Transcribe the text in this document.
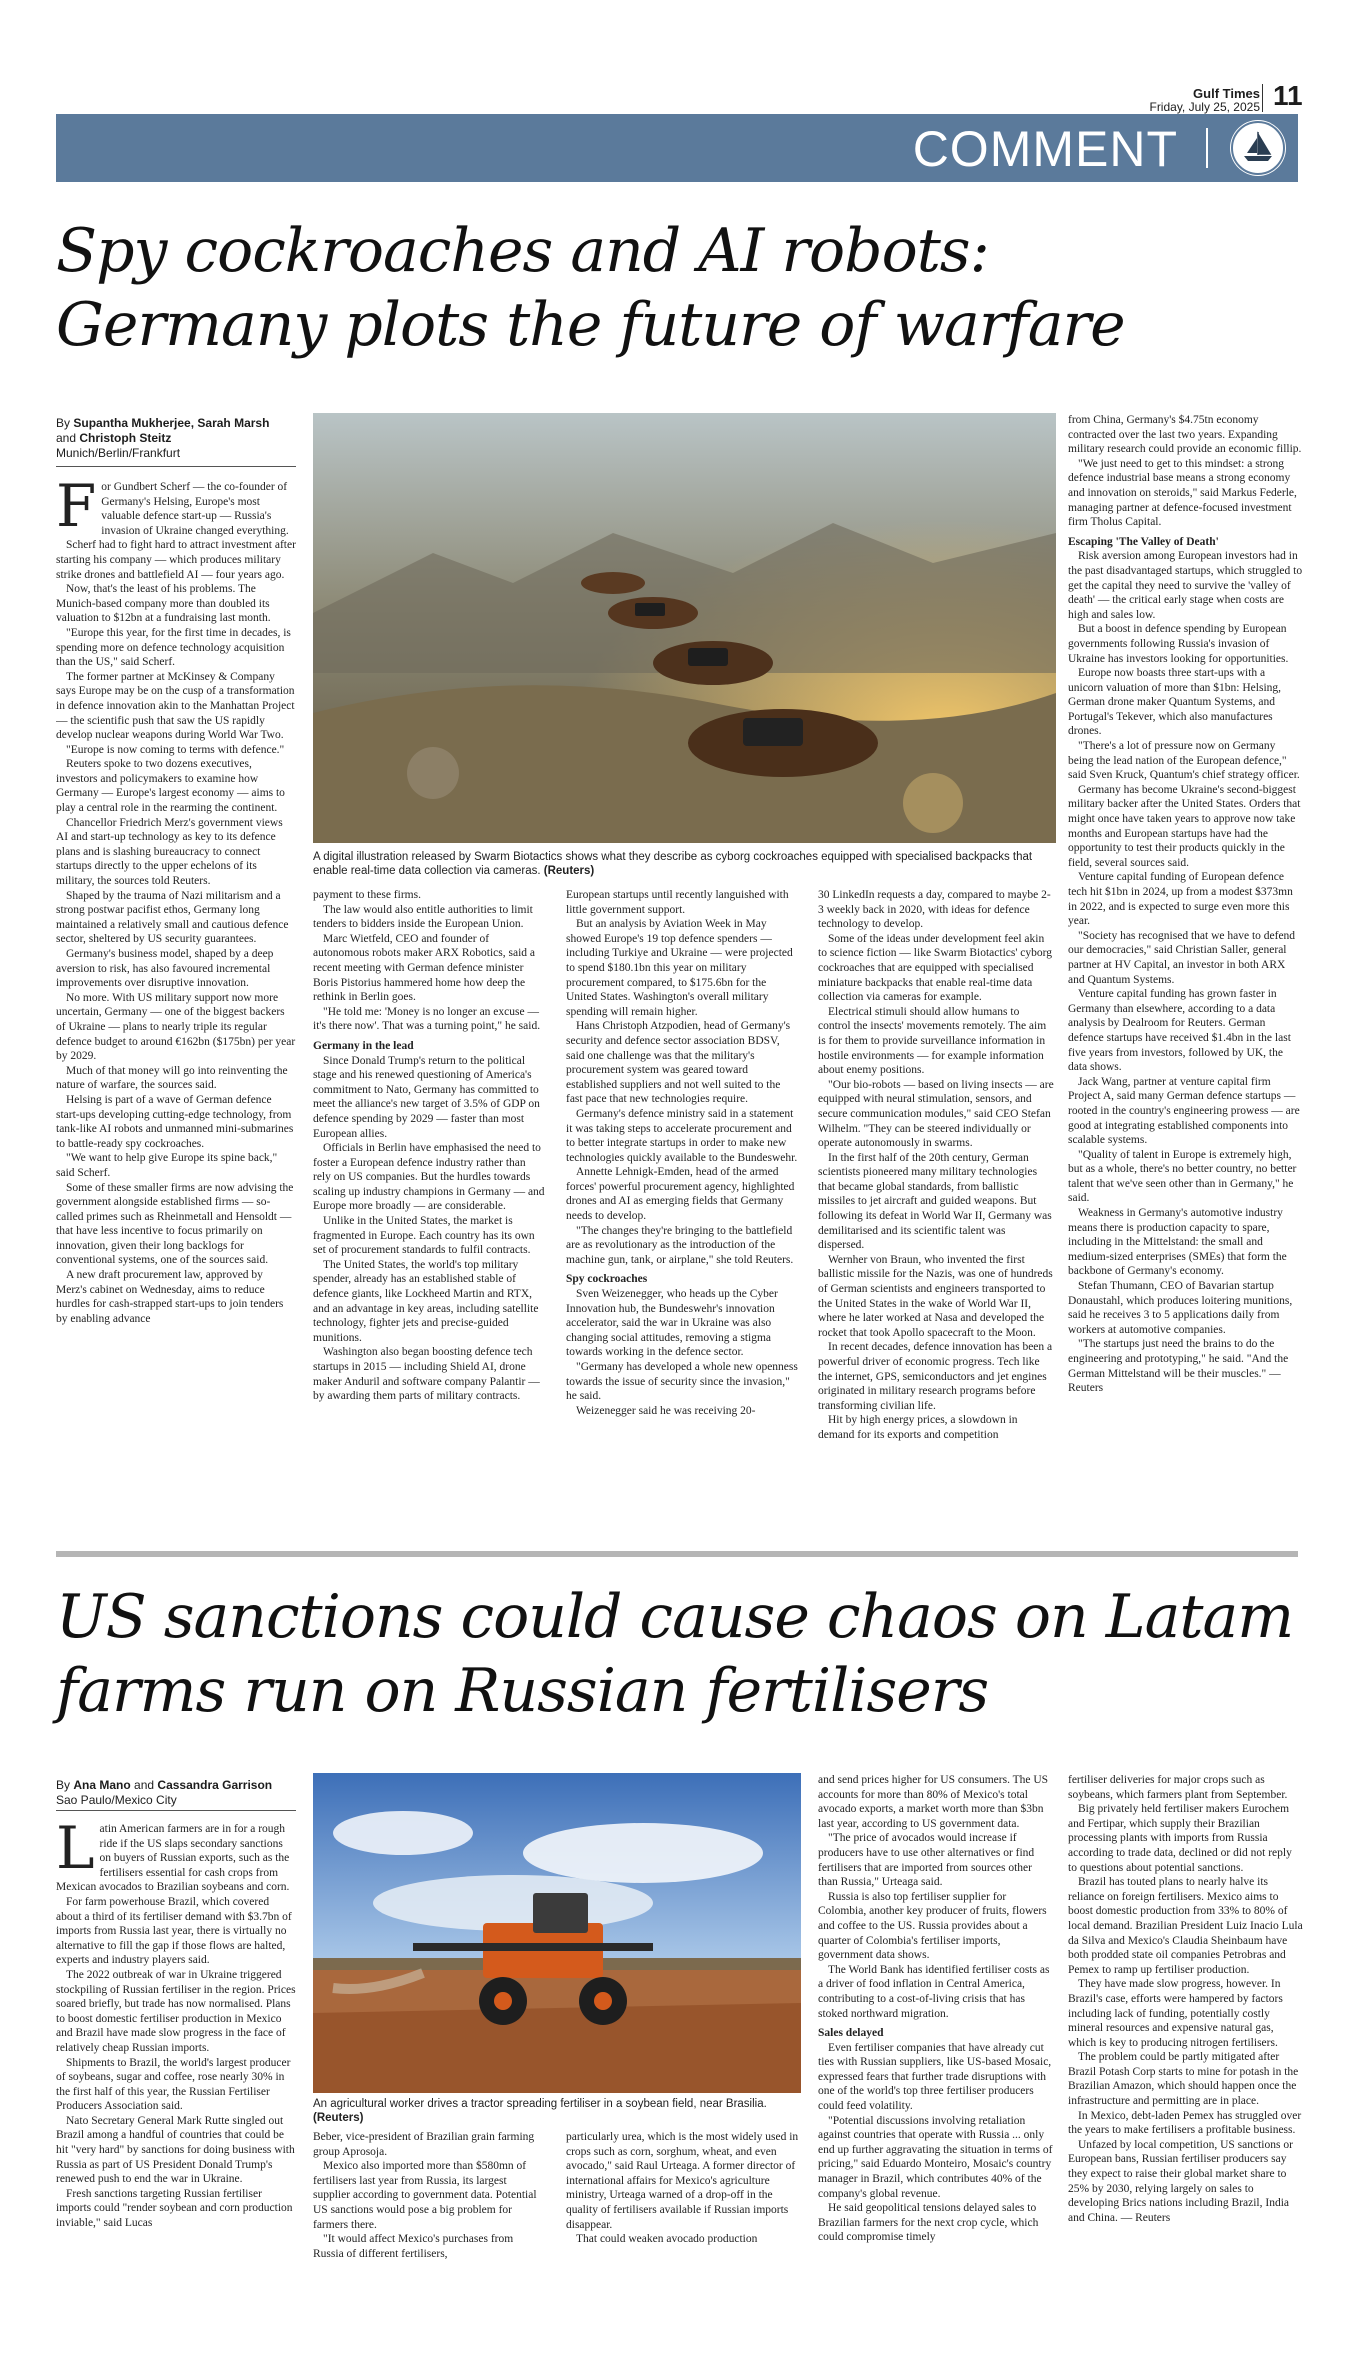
Gulf Times
Friday, July 25, 2025 11
COMMENT
Spy cockroaches and AI robots:
Germany plots the future of warfare
By Supantha Mukherjee, Sarah Marsh
and Christoph Steitz
Munich/Berlin/Frankfurt
A digital illustration released by Swarm Biotactics shows what they describe as cyborg cockroaches equipped with specialised backpacks that enable real-time data collection via cameras. (Reuters)
F or Gundbert Scherf — the co-founder of Germany's Helsing, Europe's most valuable defence start-up — Russia's invasion of Ukraine changed everything.

Scherf had to fight hard to attract investment after starting his company — which produces military strike drones and battlefield AI — four years ago.

Now, that's the least of his problems. The Munich-based company more than doubled its valuation to $12bn at a fundraising last month.

"Europe this year, for the first time in decades, is spending more on defence technology acquisition than the US," said Scherf.

The former partner at McKinsey & Company says Europe may be on the cusp of a transformation in defence innovation akin to the Manhattan Project — the scientific push that saw the US rapidly develop nuclear weapons during World War Two.

"Europe is now coming to terms with defence."

Reuters spoke to two dozens executives, investors and policymakers to examine how Germany — Europe's largest economy — aims to play a central role in the rearming the continent.

Chancellor Friedrich Merz's government views AI and start-up technology as key to its defence plans and is slashing bureaucracy to connect startups directly to the upper echelons of its military, the sources told Reuters.

Shaped by the trauma of Nazi militarism and a strong postwar pacifist ethos, Germany long maintained a relatively small and cautious defence sector, sheltered by US security guarantees.

Germany's business model, shaped by a deep aversion to risk, has also favoured incremental improvements over disruptive innovation.

No more. With US military support now more uncertain, Germany — one of the biggest backers of Ukraine — plans to nearly triple its regular defence budget to around €162bn ($175bn) per year by 2029.

Much of that money will go into reinventing the nature of warfare, the sources said.

Helsing is part of a wave of German defence start-ups developing cutting-edge technology, from tank-like AI robots and unmanned mini-submarines to battle-ready spy cockroaches.

"We want to help give Europe its spine back," said Scherf.

Some of these smaller firms are now advising the government alongside established firms — so-called primes such as Rheinmetall and Hensoldt — that have less incentive to focus primarily on innovation, given their long backlogs for conventional systems, one of the sources said.

A new draft procurement law, approved by Merz's cabinet on Wednesday, aims to reduce hurdles for cash-strapped start-ups to join tenders by enabling advance

payment to these firms.

The law would also entitle authorities to limit tenders to bidders inside the European Union.

Marc Wietfeld, CEO and founder of autonomous robots maker ARX Robotics, said a recent meeting with German defence minister Boris Pistorius hammered home how deep the rethink in Berlin goes.

"He told me: 'Money is no longer an excuse — it's there now'. That was a turning point," he said.

Germany in the lead

Since Donald Trump's return to the political stage and his renewed questioning of America's commitment to Nato, Germany has committed to meet the alliance's new target of 3.5% of GDP on defence spending by 2029 — faster than most European allies.

Officials in Berlin have emphasised the need to foster a European defence industry rather than rely on US companies. But the hurdles towards scaling up industry champions in Germany — and Europe more broadly — are considerable.

Unlike in the United States, the market is fragmented in Europe. Each country has its own set of procurement standards to fulfil contracts.

The United States, the world's top military spender, already has an established stable of defence giants, like Lockheed Martin and RTX, and an advantage in key areas, including satellite technology, fighter jets and precise-guided munitions.

Washington also began boosting defence tech startups in 2015 — including Shield AI, drone maker Anduril and software company Palantir — by awarding them parts of military contracts.

European startups until recently languished with little government support.

But an analysis by Aviation Week in May showed Europe's 19 top defence spenders — including Turkiye and Ukraine — were projected to spend $180.1bn this year on military procurement compared, to $175.6bn for the United States. Washington's overall military spending will remain higher.

Hans Christoph Atzpodien, head of Germany's security and defence sector association BDSV, said one challenge was that the military's procurement system was geared toward established suppliers and not well suited to the fast pace that new technologies require.

Germany's defence ministry said in a statement it was taking steps to accelerate procurement and to better integrate startups in order to make new technologies quickly available to the Bundeswehr.

Annette Lehnigk-Emden, head of the armed forces' powerful procurement agency, highlighted drones and AI as emerging fields that Germany needs to develop.

"The changes they're bringing to the battlefield are as revolutionary as the introduction of the machine gun, tank, or airplane," she told Reuters.

Spy cockroaches

Sven Weizenegger, who heads up the Cyber Innovation hub, the Bundeswehr's innovation accelerator, said the war in Ukraine was also changing social attitudes, removing a stigma towards working in the defence sector.

"Germany has developed a whole new openness towards the issue of security since the invasion," he said.

Weizenegger said he was receiving 20-

30 LinkedIn requests a day, compared to maybe 2-3 weekly back in 2020, with ideas for defence technology to develop.

Some of the ideas under development feel akin to science fiction — like Swarm Biotactics' cyborg cockroaches that are equipped with specialised miniature backpacks that enable real-time data collection via cameras for example.

Electrical stimuli should allow humans to control the insects' movements remotely. The aim is for them to provide surveillance information in hostile environments — for example information about enemy positions.

"Our bio-robots — based on living insects — are equipped with neural stimulation, sensors, and secure communication modules," said CEO Stefan Wilhelm. "They can be steered individually or operate autonomously in swarms.

In the first half of the 20th century, German scientists pioneered many military technologies that became global standards, from ballistic missiles to jet aircraft and guided weapons. But following its defeat in World War II, Germany was demilitarised and its scientific talent was dispersed.

Wernher von Braun, who invented the first ballistic missile for the Nazis, was one of hundreds of German scientists and engineers transported to the United States in the wake of World War II, where he later worked at Nasa and developed the rocket that took Apollo spacecraft to the Moon.

In recent decades, defence innovation has been a powerful driver of economic progress. Tech like the internet, GPS, semiconductors and jet engines originated in military research programs before transforming civilian life.

Hit by high energy prices, a slowdown in demand for its exports and competition

from China, Germany's $4.75tn economy contracted over the last two years. Expanding military research could provide an economic fillip.

"We just need to get to this mindset: a strong defence industrial base means a strong economy and innovation on steroids," said Markus Federle, managing partner at defence-focused investment firm Tholus Capital.

Escaping 'The Valley of Death'

Risk aversion among European investors had in the past disadvantaged startups, which struggled to get the capital they need to survive the 'valley of death' — the critical early stage when costs are high and sales low.

But a boost in defence spending by European governments following Russia's invasion of Ukraine has investors looking for opportunities.

Europe now boasts three start-ups with a unicorn valuation of more than $1bn: Helsing, German drone maker Quantum Systems, and Portugal's Tekever, which also manufactures drones.

"There's a lot of pressure now on Germany being the lead nation of the European defence," said Sven Kruck, Quantum's chief strategy officer.

Germany has become Ukraine's second-biggest military backer after the United States. Orders that might once have taken years to approve now take months and European startups have had the opportunity to test their products quickly in the field, several sources said.

Venture capital funding of European defence tech hit $1bn in 2024, up from a modest $373mn in 2022, and is expected to surge even more this year.

"Society has recognised that we have to defend our democracies," said Christian Saller, general partner at HV Capital, an investor in both ARX and Quantum Systems.

Venture capital funding has grown faster in Germany than elsewhere, according to a data analysis by Dealroom for Reuters. German defence startups have received $1.4bn in the last five years from investors, followed by UK, the data shows.

Jack Wang, partner at venture capital firm Project A, said many German defence startups — rooted in the country's engineering prowess — are good at integrating established components into scalable systems.

"Quality of talent in Europe is extremely high, but as a whole, there's no better country, no better talent that we've seen other than in Germany," he said.

Weakness in Germany's automotive industry means there is production capacity to spare, including in the Mittelstand: the small and medium-sized enterprises (SMEs) that form the backbone of Germany's economy.

Stefan Thumann, CEO of Bavarian startup Donaustahl, which produces loitering munitions, said he receives 3 to 5 applications daily from workers at automotive companies.

"The startups just need the brains to do the engineering and prototyping," he said. "And the German Mittelstand will be their muscles." — Reuters

US sanctions could cause chaos on Latam
farms run on Russian fertilisers
By Ana Mano and Cassandra Garrison
Sao Paulo/Mexico City
An agricultural worker drives a tractor spreading fertiliser in a soybean field, near Brasilia. (Reuters)
L atin American farmers are in for a rough ride if the US slaps secondary sanctions on buyers of Russian exports, such as the fertilisers essential for cash crops from Mexican avocados to Brazilian soybeans and corn.

For farm powerhouse Brazil, which covered about a third of its fertiliser demand with $3.7bn of imports from Russia last year, there is virtually no alternative to fill the gap if those flows are halted, experts and industry players said.

The 2022 outbreak of war in Ukraine triggered stockpiling of Russian fertiliser in the region. Prices soared briefly, but trade has now normalised. Plans to boost domestic fertiliser production in Mexico and Brazil have made slow progress in the face of relatively cheap Russian imports.

Shipments to Brazil, the world's largest producer of soybeans, sugar and coffee, rose nearly 30% in the first half of this year, the Russian Fertiliser Producers Association said.

Nato Secretary General Mark Rutte singled out Brazil among a handful of countries that could be hit "very hard" by sanctions for doing business with Russia as part of US President Donald Trump's renewed push to end the war in Ukraine.

Fresh sanctions targeting Russian fertiliser imports could "render soybean and corn production inviable," said Lucas

Beber, vice-president of Brazilian grain farming group Aprosoja.

Mexico also imported more than $580mn of fertilisers last year from Russia, its largest supplier according to government data. Potential US sanctions would pose a big problem for farmers there.

"It would affect Mexico's purchases from Russia of different fertilisers,

particularly urea, which is the most widely used in crops such as corn, sorghum, wheat, and even avocado," said Raul Urteaga. A former director of international affairs for Mexico's agriculture ministry, Urteaga warned of a drop-off in the quality of fertilisers available if Russian imports disappear.

That could weaken avocado production

and send prices higher for US consumers. The US accounts for more than 80% of Mexico's total avocado exports, a market worth more than $3bn last year, according to US government data.

"The price of avocados would increase if producers have to use other alternatives or find fertilisers that are imported from sources other than Russia," Urteaga said.

Russia is also top fertiliser supplier for Colombia, another key producer of fruits, flowers and coffee to the US. Russia provides about a quarter of Colombia's fertiliser imports, government data shows.

The World Bank has identified fertiliser costs as a driver of food inflation in Central America, contributing to a cost-of-living crisis that has stoked northward migration.

Sales delayed

Even fertiliser companies that have already cut ties with Russian suppliers, like US-based Mosaic, expressed fears that further trade disruptions with one of the world's top three fertiliser producers could feed volatility.

"Potential discussions involving retaliation against countries that operate with Russia ... only end up further aggravating the situation in terms of pricing," said Eduardo Monteiro, Mosaic's country manager in Brazil, which contributes 40% of the company's global revenue.

He said geopolitical tensions delayed sales to Brazilian farmers for the next crop cycle, which could compromise timely

fertiliser deliveries for major crops such as soybeans, which farmers plant from September.

Big privately held fertiliser makers Eurochem and Fertipar, which supply their Brazilian processing plants with imports from Russia according to trade data, declined or did not reply to questions about potential sanctions.

Brazil has touted plans to nearly halve its reliance on foreign fertilisers. Mexico aims to boost domestic production from 33% to 80% of local demand. Brazilian President Luiz Inacio Lula da Silva and Mexico's Claudia Sheinbaum have both prodded state oil companies Petrobras and Pemex to ramp up fertiliser production.

They have made slow progress, however. In Brazil's case, efforts were hampered by factors including lack of funding, potentially costly mineral resources and expensive natural gas, which is key to producing nitrogen fertilisers.

The problem could be partly mitigated after Brazil Potash Corp starts to mine for potash in the Brazilian Amazon, which should happen once the infrastructure and permitting are in place.

In Mexico, debt-laden Pemex has struggled over the years to make fertilisers a profitable business.

Unfazed by local competition, US sanctions or European bans, Russian fertiliser producers say they expect to raise their global market share to 25% by 2030, relying largely on sales to developing Brics nations including Brazil, India and China. — Reuters
